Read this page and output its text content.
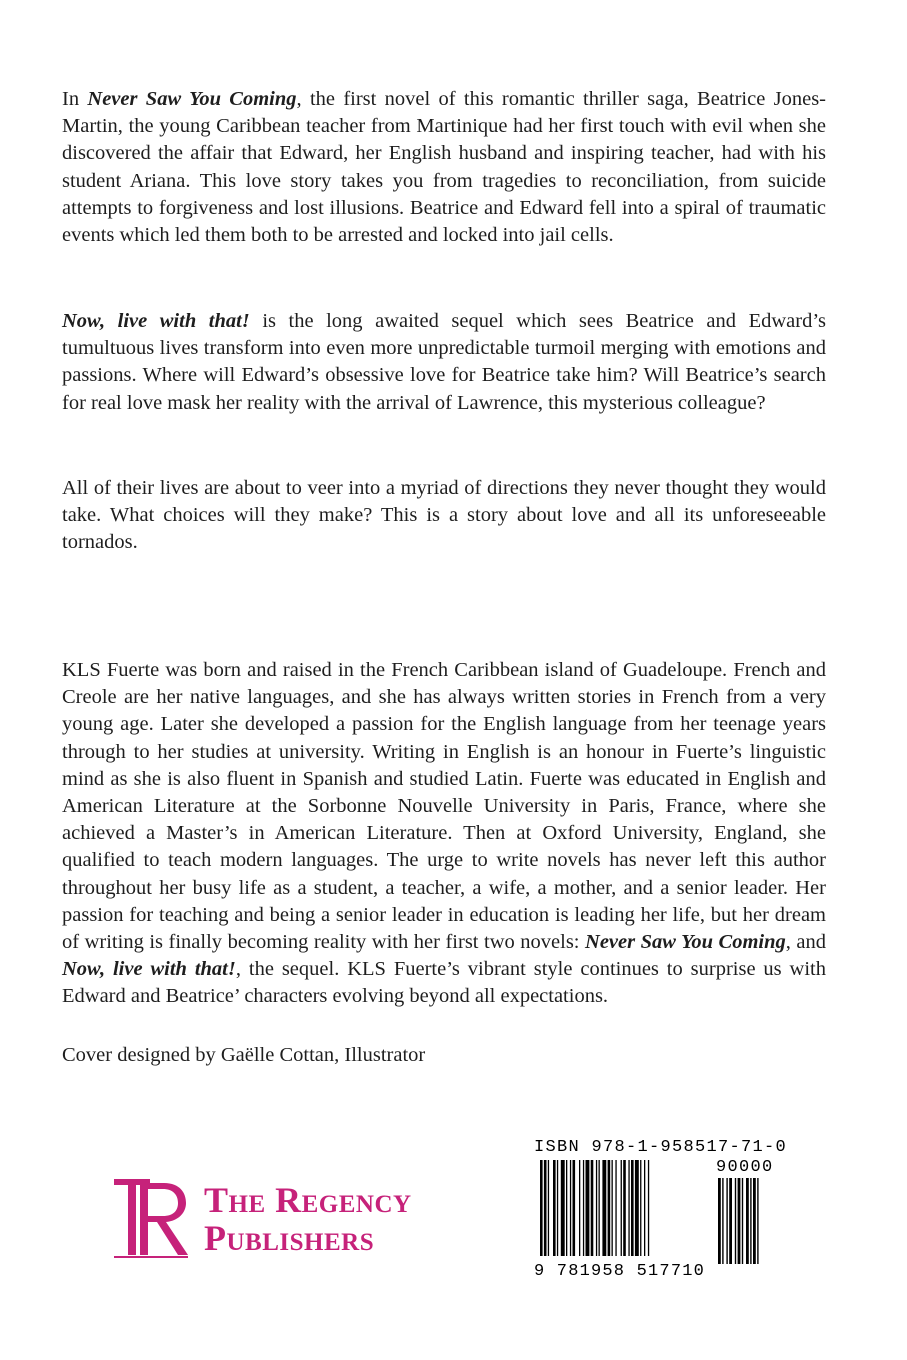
In Never Saw You Coming, the first novel of this romantic thriller saga, Beatrice Jones-Martin, the young Caribbean teacher from Martinique had her first touch with evil when she discovered the affair that Edward, her English husband and inspiring teacher, had with his student Ariana. This love story takes you from tragedies to reconciliation, from suicide attempts to forgiveness and lost illusions. Beatrice and Edward fell into a spiral of traumatic events which led them both to be arrested and locked into jail cells.

Now, live with that! is the long awaited sequel which sees Beatrice and Edward’s tumultuous lives transform into even more unpredictable turmoil merging with emotions and passions. Where will Edward’s obsessive love for Beatrice take him? Will Beatrice’s search for real love mask her reality with the arrival of Lawrence, this mysterious colleague?

All of their lives are about to veer into a myriad of directions they never thought they would take. What choices will they make? This is a story about love and all its unforeseeable tornados.

KLS Fuerte was born and raised in the French Caribbean island of Guadeloupe. French and Creole are her native languages, and she has always written stories in French from a very young age. Later she developed a passion for the English language from her teenage years through to her studies at university. Writing in English is an honour in Fuerte’s linguistic mind as she is also fluent in Spanish and studied Latin. Fuerte was educated in English and American Literature at the Sorbonne Nouvelle University in Paris, France, where she achieved a Master’s in American Literature. Then at Oxford University, England, she qualified to teach modern languages. The urge to write novels has never left this author throughout her busy life as a student, a teacher, a wife, a mother, and a senior leader. Her passion for teaching and being a senior leader in education is leading her life, but her dream of writing is finally becoming reality with her first two novels: Never Saw You Coming, and Now, live with that!, the sequel. KLS Fuerte’s vibrant style continues to surprise us with Edward and Beatrice’ characters evolving beyond all expectations.

Cover designed by Gaëlle Cottan, Illustrator

The Regency
Publishers
ISBN 978-1-958517-71-0
90000
9 781958 517710
